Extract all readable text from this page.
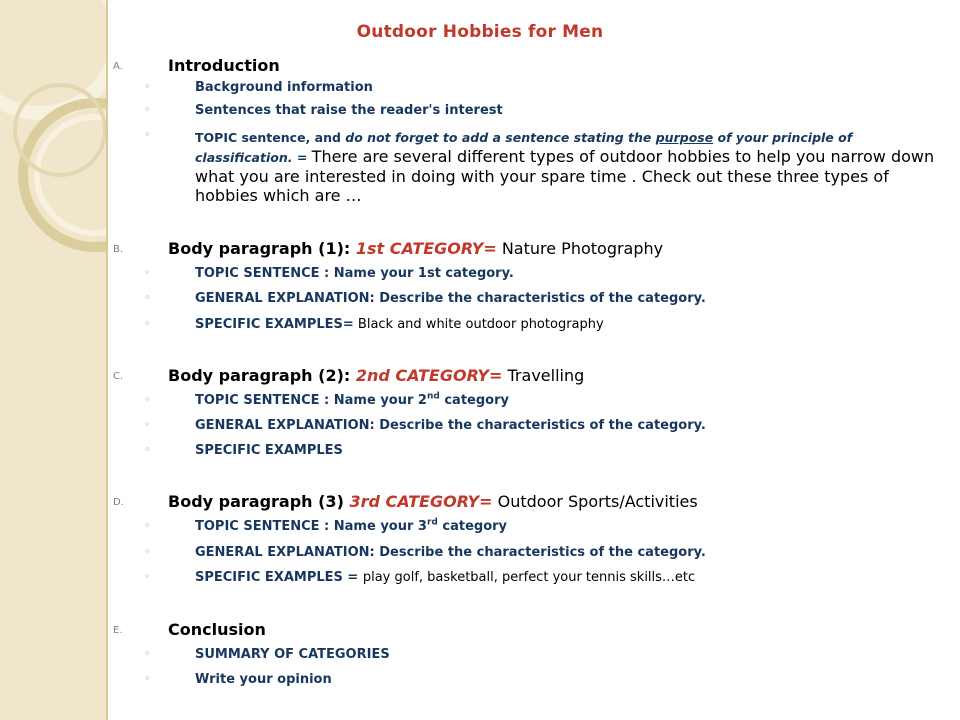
Outdoor Hobbies for Men
A.	Introduction
◦	Background information
◦	Sentences that raise the reader's interest
◦	TOPIC sentence, and do not forget to add a sentence stating the purpose of your principle of classification. = There are several different types of outdoor hobbies to help you narrow down what you are interested in doing with your spare time . Check out these three types of hobbies which are …
B.	Body paragraph (1): 1st CATEGORY= Nature Photography
◦	TOPIC SENTENCE : Name your 1st category.
◦	GENERAL EXPLANATION: Describe the characteristics of the category.
◦	SPECIFIC EXAMPLES= Black and white outdoor photography
C.	Body paragraph (2): 2nd CATEGORY= Travelling
◦	TOPIC SENTENCE : Name your 2nd category
◦	GENERAL EXPLANATION: Describe the characteristics of the category.
◦	SPECIFIC EXAMPLES
D.	Body paragraph (3) 3rd CATEGORY= Outdoor Sports/Activities
◦	TOPIC SENTENCE : Name your 3rd category
◦	GENERAL EXPLANATION: Describe the characteristics of the category.
◦	SPECIFIC EXAMPLES = play golf, basketball, perfect your tennis skills…etc
E.	Conclusion
◦	SUMMARY OF CATEGORIES
◦	Write your opinion
